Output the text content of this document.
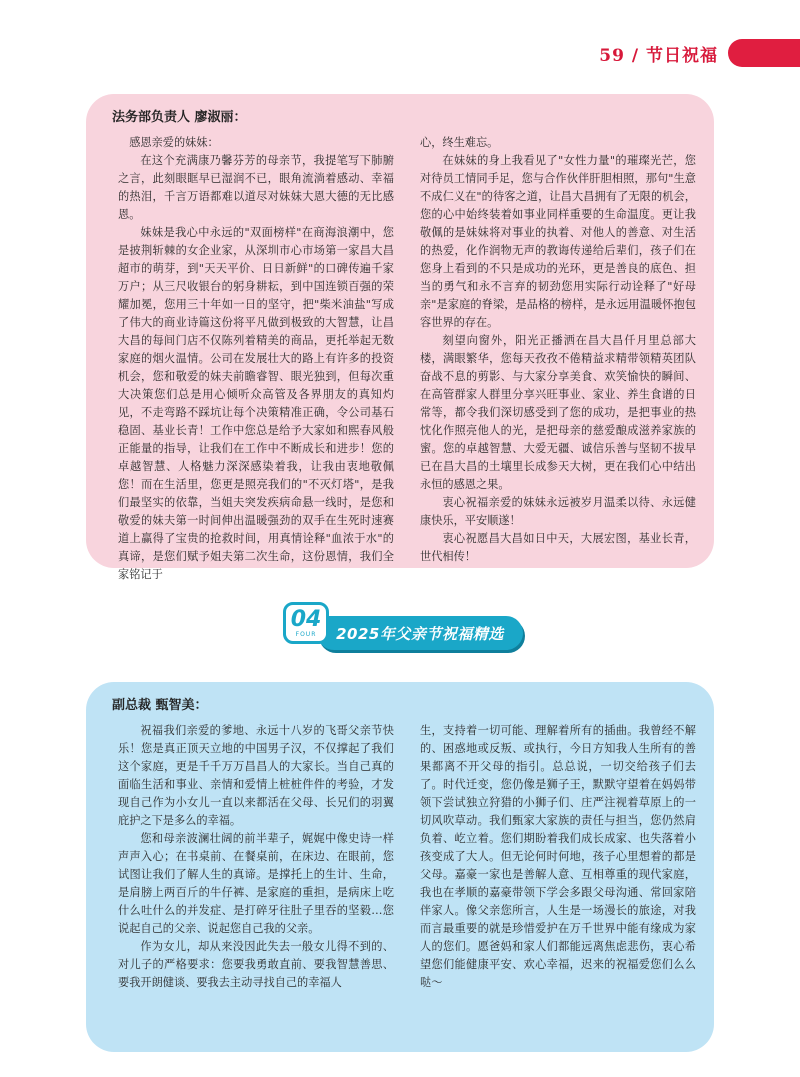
59 / 节日祝福
法务部负责人 廖淑丽：

感恩亲爱的妹妹：

在这个充满康乃馨芬芳的母亲节，我提笔写下肺腑之言，此刻眼眶早已湿润不已，眼角流淌着感动、幸福的热泪，千言万语都难以道尽对妹妹大恩大德的无比感恩。

妹妹是我心中永远的"双面榜样"在商海浪潮中，您是披荆斩棘的女企业家，从深圳市心市场第一家昌大昌超市的萌芽，到"天天平价、日日新鲜"的口碑传遍千家万户；从三尺收银台的躬身耕耘，到中国连锁百强的荣耀加冕，您用三十年如一日的坚守，把"柴米油盐"写成了伟大的商业诗篇这份将平凡做到极致的大智慧，让昌大昌的每间门店不仅陈列着精美的商品，更托举起无数家庭的烟火温情。公司在发展壮大的路上有许多的投资机会，您和敬爱的妹夫前瞻睿智、眼光独到，但每次重大决策您们总是用心倾听众高管及各界朋友的真知灼见，不走弯路不踩坑让每个决策精准正确，令公司基石稳固、基业长青！工作中您总是给予大家如和熙春风般正能量的指导，让我们在工作中不断成长和进步！您的卓越智慧、人格魅力深深感染着我，让我由衷地敬佩您！而在生活里，您更是照亮我们的"不灭灯塔"，是我们最坚实的依靠，当姐夫突发疾病命悬一线时，是您和敬爱的妹夫第一时间伸出温暖强劲的双手在生死时速赛道上赢得了宝贵的抢救时间，用真情诠释"血浓于水"的真谛，是您们赋予姐夫第二次生命，这份恩情，我们全家铭记于

心，终生难忘。

在妹妹的身上我看见了"女性力量"的璀璨光芒，您对待员工情同手足，您与合作伙伴肝胆相照，那句"生意不成仁义在"的待客之道，让昌大昌拥有了无限的机会，您的心中始终装着如事业同样重要的生命温度。更让我敬佩的是妹妹将对事业的执着、对他人的善意、对生活的热爱，化作润物无声的教诲传递给后辈们，孩子们在您身上看到的不只是成功的光环，更是善良的底色、担当的勇气和永不言弃的韧劲您用实际行动诠释了"好母亲"是家庭的脊梁，是品格的榜样，是永远用温暖怀抱包容世界的存在。

刻望向窗外，阳光正播洒在昌大昌仟月里总部大楼，满眼繁华，您每天孜孜不倦精益求精带领精英团队奋战不息的剪影、与大家分享美食、欢笑愉快的瞬间、在高管群家人群里分享兴旺事业、家业、养生食谱的日常等，都令我们深切感受到了您的成功，是把事业的热忱化作照亮他人的光，是把母亲的慈爱酿成滋养家族的蜜。您的卓越智慧、大爱无疆、诚信乐善与坚韧不拔早已在昌大昌的土壤里长成参天大树，更在我们心中结出永恒的感恩之果。

衷心祝福亲爱的妹妹永远被岁月温柔以待、永远健康快乐，平安顺遂！

衷心祝愿昌大昌如日中天，大展宏图，基业长青，世代相传！

2025年父亲节祝福精选
04
FOUR
副总裁 甄智美：

祝福我们亲爱的爹地、永远十八岁的飞哥父亲节快乐！您是真正顶天立地的中国男子汉，不仅撑起了我们这个家庭，更是千千万万昌昌人的大家长。当自己真的面临生活和事业、亲情和爱情上桩桩件件的考验，才发现自己作为小女儿一直以来都活在父母、长兄们的羽翼庇护之下是多么的幸福。

您和母亲波澜壮阔的前半辈子，娓娓中像史诗一样声声入心；在书桌前、在餐桌前，在床边、在眼前，您试图让我们了解人生的真谛。是撑托上的生计、生命，是肩膀上两百斤的牛仔裤、是家庭的重担，是病床上吃什么吐什么的并发症、是打碎牙往肚子里吞的坚毅…您说起自己的父亲、说起您自己我的父亲。

作为女儿，却从来没因此失去一般女儿得不到的、对儿子的严格要求：您要我勇敢直前、要我智慧善思、要我开朗健谈、要我去主动寻找自己的幸福人

生，支持着一切可能、理解着所有的插曲。我曾经不解的、困惑地或反叛、或执行，今日方知我人生所有的善果都离不开父母的指引。总总说，一切交给孩子们去了。时代迁变，您仍像是狮子王，默默守望着在妈妈带领下尝试独立狩猎的小狮子们、庄严注视着草原上的一切风吹草动。我们甄家大家族的责任与担当，您仍然肩负着、屹立着。您们期盼着我们成长成家、也失落着小孩变成了大人。但无论何时何地，孩子心里想着的都是父母。嘉豪一家也是善解人意、互相尊重的现代家庭，我也在孝顺的嘉豪带领下学会多跟父母沟通、常回家陪伴家人。像父亲您所言，人生是一场漫长的旅途，对我而言最重要的就是珍惜爱护在万千世界中能有缘成为家人的您们。愿爸妈和家人们都能远离焦虑悲伤，衷心希望您们能健康平安、欢心幸福，迟来的祝福爱您们么么哒～
